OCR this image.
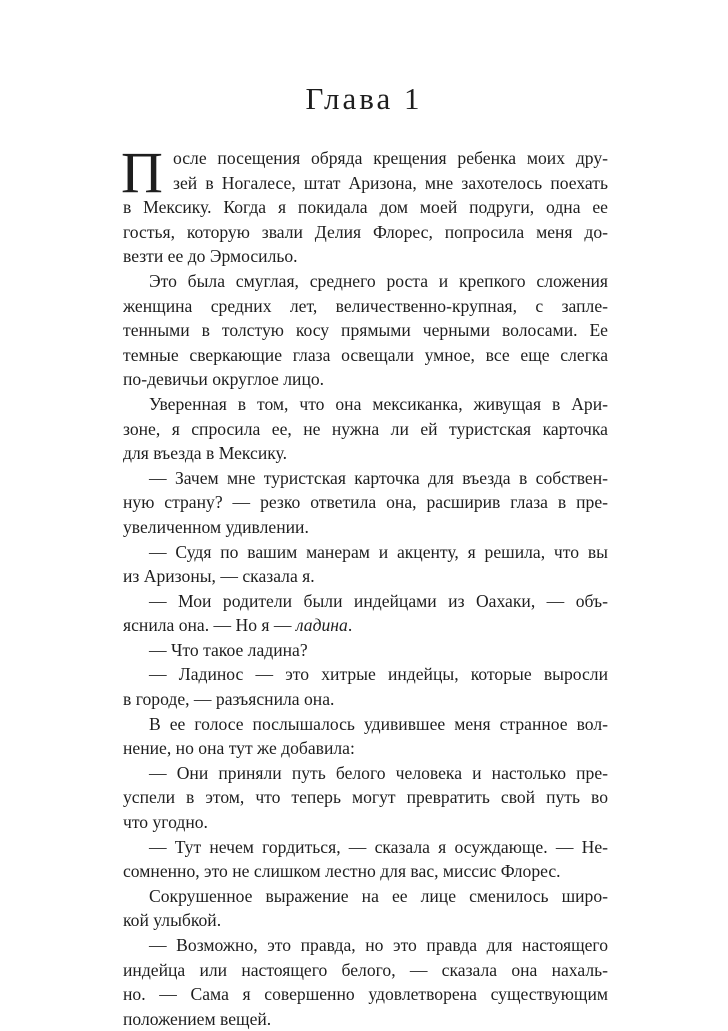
Глава 1
П осле посещения обряда крещения ребенка моих дру-
зей в Ногалесе, штат Аризона, мне захотелось поехать
в Мексику. Когда я покидала дом моей подруги, одна ее
гостья, которую звали Делия Флорес, попросила меня до-
везти ее до Эрмосильо.
Это была смуглая, среднего роста и крепкого сложения
женщина средних лет, величественно-крупная, с запле-
тенными в толстую косу прямыми черными волосами. Ее
темные сверкающие глаза освещали умное, все еще слегка
по-девичьи округлое лицо.
Уверенная в том, что она мексиканка, живущая в Ари-
зоне, я спросила ее, не нужна ли ей туристская карточка
для въезда в Мексику.
— Зачем мне туристская карточка для въезда в собствен-
ную страну? — резко ответила она, расширив глаза в пре-
увеличенном удивлении.
— Судя по вашим манерам и акценту, я решила, что вы
из Аризоны, — сказала я.
— Мои родители были индейцами из Оахаки, — объ-
яснила она. — Но я — ладина.
— Что такое ладина?
— Ладинос — это хитрые индейцы, которые выросли
в городе, — разъяснила она.
В ее голосе послышалось удивившее меня странное вол-
нение, но она тут же добавила:
— Они приняли путь белого человека и настолько пре-
успели в этом, что теперь могут превратить свой путь во
что угодно.
— Тут нечем гордиться, — сказала я осуждающе. — Не-
сомненно, это не слишком лестно для вас, миссис Флорес.
Сокрушенное выражение на ее лице сменилось широ-
кой улыбкой.
— Возможно, это правда, но это правда для настоящего
индейца или настоящего белого, — сказала она нахаль-
но. — Сама я совершенно удовлетворена существующим
положением вещей.
